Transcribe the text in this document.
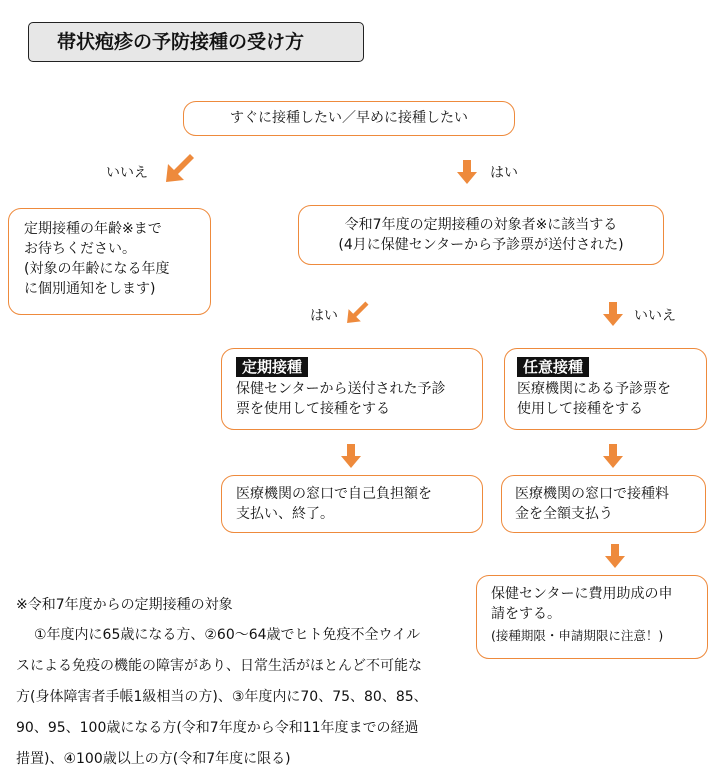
帯状疱疹の予防接種の受け方
すぐに接種したい／早めに接種したい
いいえ	はい
はい	いいえ
定期接種の年齢※まで
お待ちください。
(対象の年齢になる年度
に個別通知をします)
令和7年度の定期接種の対象者※に該当する
(4月に保健センターから予診票が送付された)
定期接種
保健センターから送付された予診
票を使用して接種をする
任意接種
医療機関にある予診票を
使用して接種をする
医療機関の窓口で自己負担額を
支払い、終了。
医療機関の窓口で接種料
金を全額支払う
保健センターに費用助成の申
請をする。
(接種期限・申請期限に注意！)
※令和7年度からの定期接種の対象
①年度内に65歳になる方、②60～64歳でヒト免疫不全ウイル
スによる免疫の機能の障害があり、日常生活がほとんど不可能な
方(身体障害者手帳1級相当の方)、③年度内に70、75、80、85、
90、95、100歳になる方(令和7年度から令和11年度までの経過
措置)、④100歳以上の方(令和7年度に限る)
